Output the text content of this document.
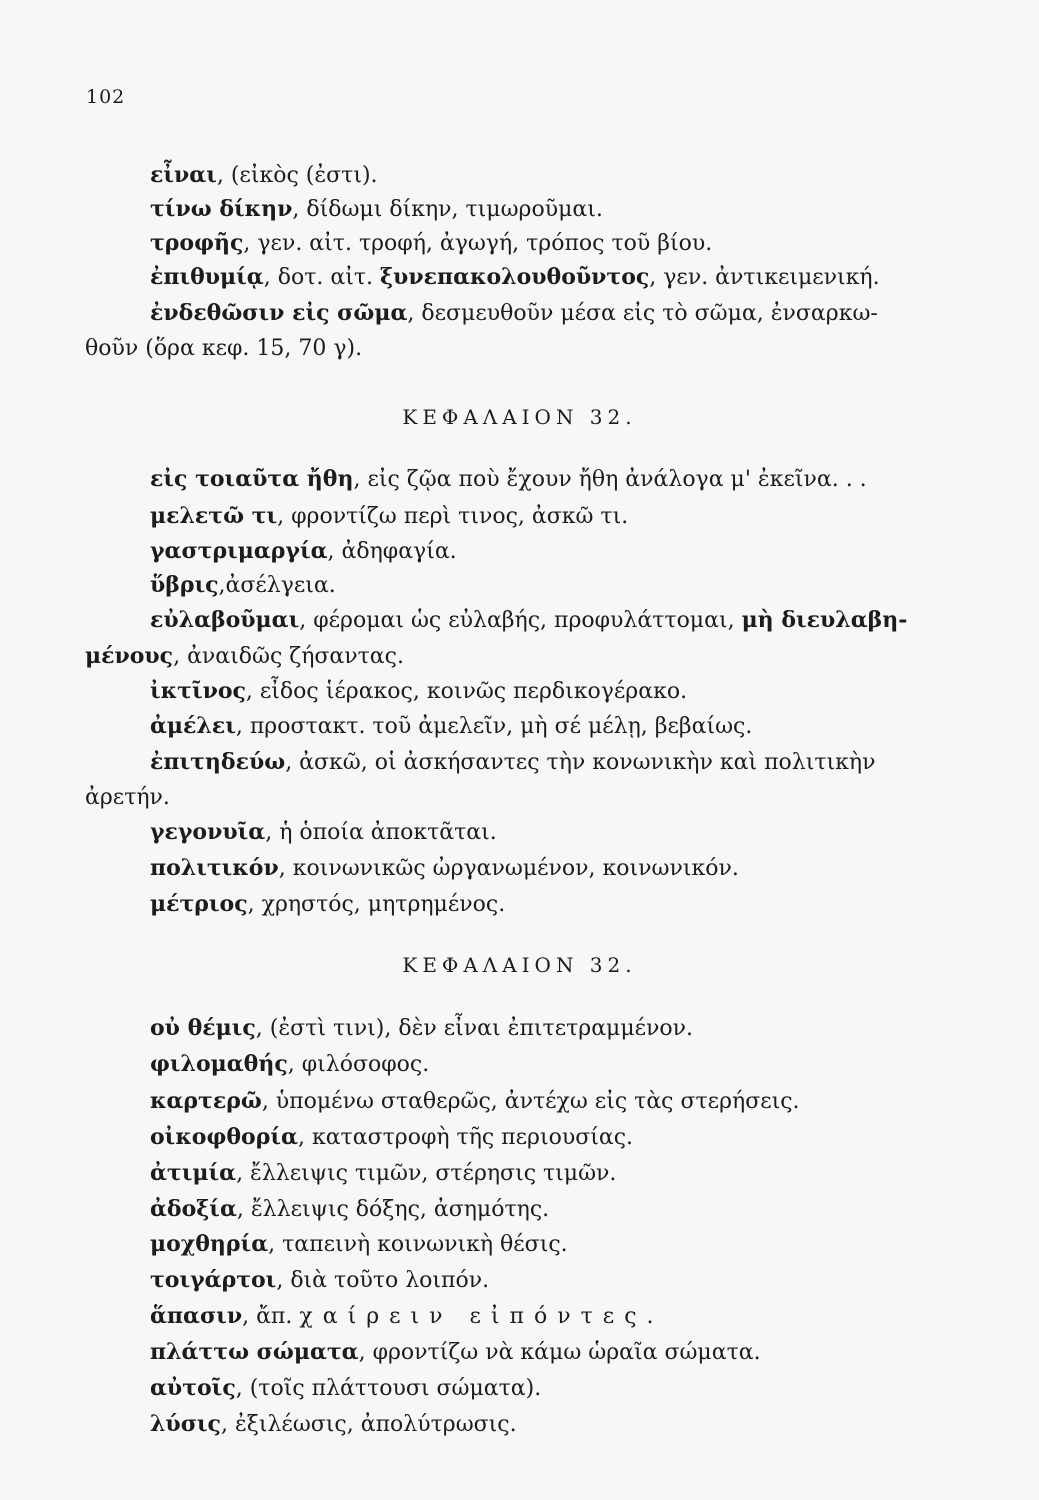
102
εἶναι, (εἰκὸς (ἐστι).
τίνω δίκην, δίδωμι δίκην, τιμωροῦμαι.
τροφῆς, γεν. αἰτ. τροφή, ἀγωγή, τρόπος τοῦ βίου.
ἐπιθυμίᾳ, δοτ. αἰτ. ξυνεπακολουθοῦντος, γεν. ἀντικειμενική.
ἐνδεθῶσιν εἰς σῶμα, δεσμευθοῦν μέσα εἰς τὸ σῶμα, ἐνσαρκω-
θοῦν (ὅρα κεφ. 15, 70 γ).
ΚΕΦΑΛΑΙΟΝ 32.
εἰς τοιαῦτα ἤθη, εἰς ζῷα ποὺ ἔχουν ἤθη ἀνάλογα μ' ἐκεῖνα. . .
μελετῶ τι, φροντίζω περὶ τινος, ἀσκῶ τι.
γαστριμαργία, ἀδηφαγία.
ὕβρις,ἀσέλγεια.
εὐλαβοῦμαι, φέρομαι ὡς εὐλαβής, προφυλάττομαι, μὴ διευλαβη-
μένους, ἀναιδῶς ζήσαντας.
ἰκτῖνος, εἶδος ἱέρακος, κοινῶς περδικογέρακο.
ἀμέλει, προστακτ. τοῦ ἀμελεῖν, μὴ σέ μέλῃ, βεβαίως.
ἐπιτηδεύω, ἀσκῶ, οἱ ἀσκήσαντες τὴν κονωνικὴν καὶ πολιτικὴν
ἀρετήν.
γεγονυῖα, ἡ ὁποία ἀποκτᾶται.
πολιτικόν, κοινωνικῶς ὠργανωμένον, κοινωνικόν.
μέτριος, χρηστός, μητρημένος.
ΚΕΦΑΛΑΙΟΝ 32.
οὐ θέμις, (ἐστὶ τινι), δὲν εἶναι ἐπιτετραμμένον.
φιλομαθής, φιλόσοφος.
καρτερῶ, ὑπομένω σταθερῶς, ἀντέχω εἰς τὰς στερήσεις.
οἰκοφθορία, καταστροφὴ τῆς περιουσίας.
ἀτιμία, ἔλλειψις τιμῶν, στέρησις τιμῶν.
ἀδοξία, ἔλλειψις δόξης, ἀσημότης.
μοχθηρία, ταπεινὴ κοινωνικὴ θέσις.
τοιγάρτοι, διὰ τοῦτο λοιπόν.
ἅπασιν, ἄπ. χαίρειν εἰπόντες.
πλάττω σώματα, φροντίζω νὰ κάμω ὡραῖα σώματα.
αὐτοῖς, (τοῖς πλάττουσι σώματα).
λύσις, ἐξιλέωσις, ἀπολύτρωσις.
